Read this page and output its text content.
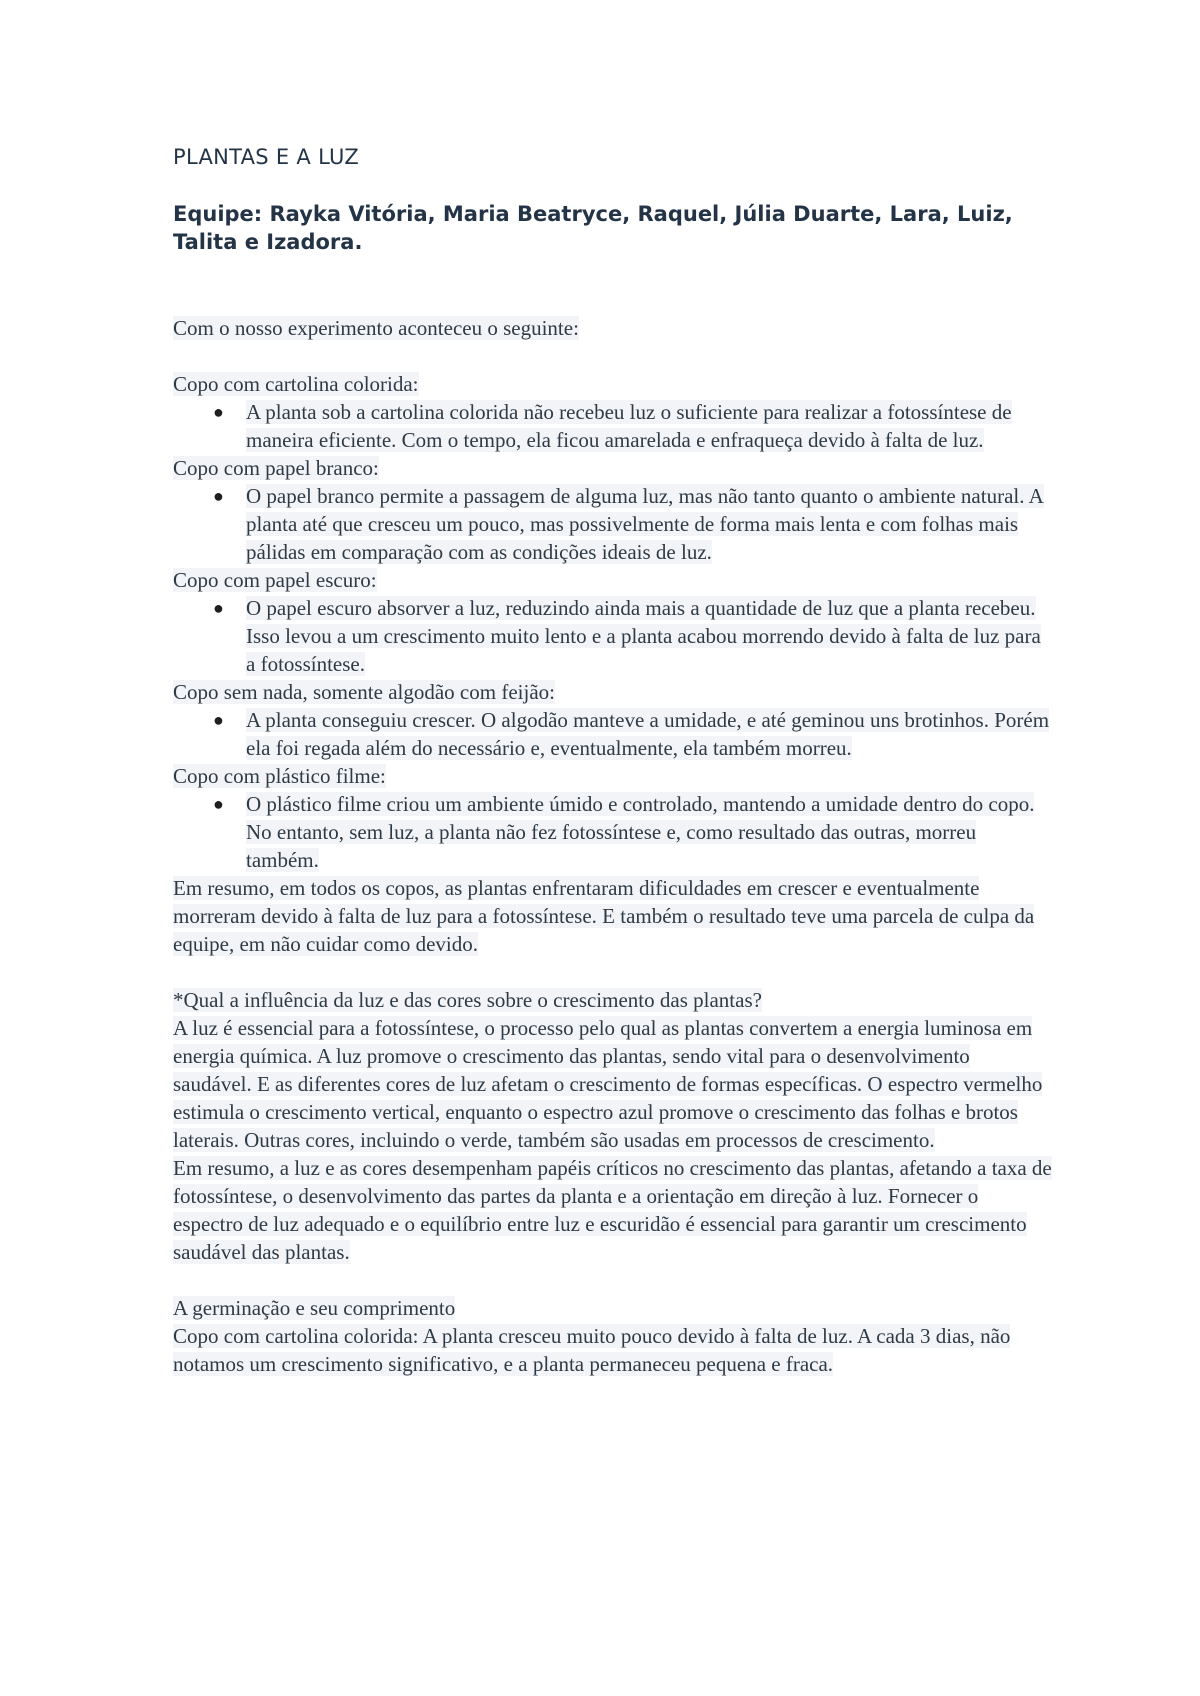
PLANTAS E A LUZ

Equipe: Rayka Vitória, Maria Beatryce, Raquel, Júlia Duarte, Lara, Luiz, Talita e Izadora.

Com o nosso experimento aconteceu o seguinte:

Copo com cartolina colorida:

● A planta sob a cartolina colorida não recebeu luz o suficiente para realizar a fotossíntese de maneira eficiente. Com o tempo, ela ficou amarelada e enfraqueça devido à falta de luz.

Copo com papel branco:

● O papel branco permite a passagem de alguma luz, mas não tanto quanto o ambiente natural. A planta até que cresceu um pouco, mas possivelmente de forma mais lenta e com folhas mais pálidas em comparação com as condições ideais de luz.

Copo com papel escuro:

● O papel escuro absorver a luz, reduzindo ainda mais a quantidade de luz que a planta recebeu. Isso levou a um crescimento muito lento e a planta acabou morrendo devido à falta de luz para a fotossíntese.

Copo sem nada, somente algodão com feijão:

● A planta conseguiu crescer. O algodão manteve a umidade, e até geminou uns brotinhos. Porém ela foi regada além do necessário e, eventualmente, ela também morreu.

Copo com plástico filme:

● O plástico filme criou um ambiente úmido e controlado, mantendo a umidade dentro do copo. No entanto, sem luz, a planta não fez fotossíntese e, como resultado das outras, morreu também.

Em resumo, em todos os copos, as plantas enfrentaram dificuldades em crescer e eventualmente morreram devido à falta de luz para a fotossíntese. E também o resultado teve uma parcela de culpa da equipe, em não cuidar como devido.

*Qual a influência da luz e das cores sobre o crescimento das plantas?

A luz é essencial para a fotossíntese, o processo pelo qual as plantas convertem a energia luminosa em energia química. A luz promove o crescimento das plantas, sendo vital para o desenvolvimento saudável. E as diferentes cores de luz afetam o crescimento de formas específicas. O espectro vermelho estimula o crescimento vertical, enquanto o espectro azul promove o crescimento das folhas e brotos laterais. Outras cores, incluindo o verde, também são usadas em processos de crescimento.

Em resumo, a luz e as cores desempenham papéis críticos no crescimento das plantas, afetando a taxa de fotossíntese, o desenvolvimento das partes da planta e a orientação em direção à luz. Fornecer o espectro de luz adequado e o equilíbrio entre luz e escuridão é essencial para garantir um crescimento saudável das plantas.

A germinação e seu comprimento

Copo com cartolina colorida: A planta cresceu muito pouco devido à falta de luz. A cada 3 dias, não notamos um crescimento significativo, e a planta permaneceu pequena e fraca.
